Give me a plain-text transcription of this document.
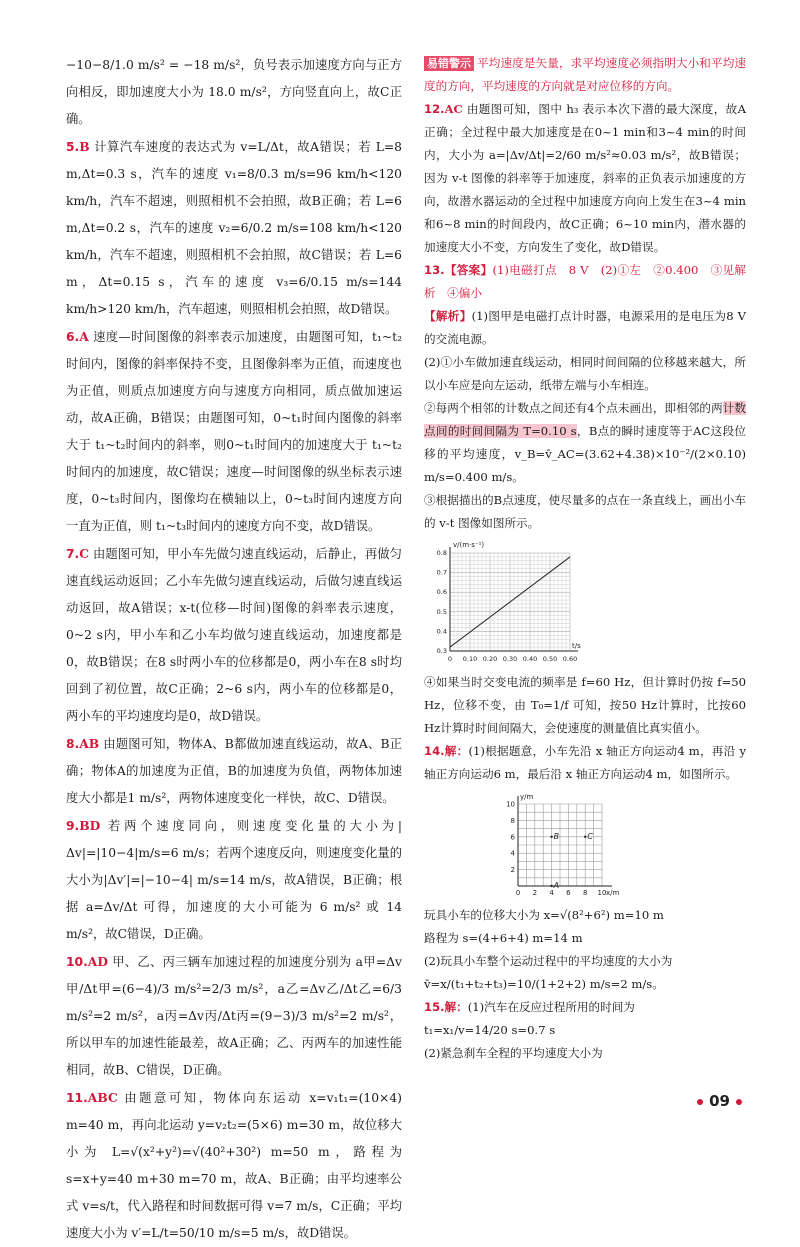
−10−8/1.0 m/s² = −18 m/s²，负号表示加速度方向与正方向相反，即加速度大小为 18.0 m/s²，方向竖直向上，故C正确。

5.B 计算汽车速度的表达式为 v=L/Δt，故A错误；若 L=8 m,Δt=0.3 s，汽车的速度 v₁=8/0.3 m/s=96 km/h<120 km/h，汽车不超速，则照相机不会拍照，故B正确；若 L=6 m,Δt=0.2 s，汽车的速度 v₂=6/0.2 m/s=108 km/h<120 km/h，汽车不超速，则照相机不会拍照，故C错误；若 L=6 m，Δt=0.15 s，汽车的速度 v₃=6/0.15 m/s=144 km/h>120 km/h，汽车超速，则照相机会拍照，故D错误。

6.A 速度—时间图像的斜率表示加速度，由题图可知，t₁~t₂时间内，图像的斜率保持不变，且图像斜率为正值，而速度也为正值，则质点加速度方向与速度方向相同，质点做加速运动，故A正确，B错误；由题图可知，0~t₁时间内图像的斜率大于 t₁~t₂时间内的斜率，则0~t₁时间内的加速度大于 t₁~t₂时间内的加速度，故C错误；速度—时间图像的纵坐标表示速度，0~t₃时间内，图像均在横轴以上，0~t₃时间内速度方向一直为正值，则 t₁~t₃时间内的速度方向不变，故D错误。

7.C 由题图可知，甲小车先做匀速直线运动，后静止，再做匀速直线运动返回；乙小车先做匀速直线运动，后做匀速直线运动返回，故A错误；x-t(位移—时间)图像的斜率表示速度，0~2 s内，甲小车和乙小车均做匀速直线运动，加速度都是0，故B错误；在8 s时两小车的位移都是0，两小车在8 s时均回到了初位置，故C正确；2~6 s内，两小车的位移都是0，两小车的平均速度均是0，故D错误。

8.AB 由题图可知，物体A、B都做加速直线运动，故A、B正确；物体A的加速度为正值，B的加速度为负值，两物体加速度大小都是1 m/s²，两物体速度变化一样快，故C、D错误。

9.BD 若两个速度同向，则速度变化量的大小为|Δv|=|10−4|m/s=6 m/s；若两个速度反向，则速度变化量的大小为|Δv′|=|−10−4| m/s=14 m/s，故A错误，B正确；根据 a=Δv/Δt 可得，加速度的大小可能为 6 m/s² 或 14 m/s²，故C错误，D正确。

10.AD 甲、乙、丙三辆车加速过程的加速度分别为 a甲=Δv甲/Δt甲=(6−4)/3 m/s²=2/3 m/s²，a乙=Δv乙/Δt乙=6/3 m/s²=2 m/s²，a丙=Δv丙/Δt丙=(9−3)/3 m/s²=2 m/s²，所以甲车的加速性能最差，故A正确；乙、丙两车的加速性能相同，故B、C错误，D正确。

11.ABC 由题意可知，物体向东运动 x=v₁t₁=(10×4) m=40 m，再向北运动 y=v₂t₂=(5×6) m=30 m，故位移大小为 L=√(x²+y²)=√(40²+30²) m=50 m，路程为 s=x+y=40 m+30 m=70 m，故A、B正确；由平均速率公式 v=s/t，代入路程和时间数据可得 v=7 m/s，C正确；平均速度大小为 v′=L/t=50/10 m/s=5 m/s，故D错误。

易错警示 平均速度是矢量，求平均速度必须指明大小和平均速度的方向，平均速度的方向就是对应位移的方向。

12.AC 由题图可知，图中 h₃ 表示本次下潜的最大深度，故A正确；全过程中最大加速度是在0~1 min和3~4 min的时间内，大小为 a=|Δv/Δt|=2/60 m/s²≈0.03 m/s²，故B错误；因为 v-t 图像的斜率等于加速度，斜率的正负表示加速度的方向，故潜水器运动的全过程中加速度方向向上发生在3~4 min和6~8 min的时间段内，故C正确；6~10 min内，潜水器的加速度大小不变，方向发生了变化，故D错误。

13.【答案】(1)电磁打点　8 V　(2)①左　②0.400　③见解析　④偏小

【解析】(1)图甲是电磁打点计时器，电源采用的是电压为8 V的交流电源。

(2)①小车做加速直线运动，相同时间间隔的位移越来越大，所以小车应是向左运动，纸带左端与小车相连。

②每两个相邻的计数点之间还有4个点未画出，即相邻的两计数点间的时间间隔为 T=0.10 s，B点的瞬时速度等于AC这段位移的平均速度，v_B=v̄_AC=(3.62+4.38)×10⁻²/(2×0.10) m/s=0.400 m/s。

③根据描出的B点速度，使尽量多的点在一条直线上，画出小车的 v-t 图像如图所示。

0 0.10 0.20 0.30 0.40 0.50 0.60
0.3
0.4
0.5
0.6
0.7
0.8
v/(m·s⁻¹)
t/s

④如果当时交变电流的频率是 f=60 Hz，但计算时仍按 f=50 Hz，位移不变，由 T₀=1/f 可知，按50 Hz计算时，比按60 Hz计算时时间间隔大，会使速度的测量值比真实值小。

14.解：(1)根据题意，小车先沿 x 轴正方向运动4 m，再沿 y 轴正方向运动6 m，最后沿 x 轴正方向运动4 m，如图所示。

0 2 4 6 8 10
2
4
6
8
10
y/m
x/m
A
B	C

玩具小车的位移大小为 x=√(8²+6²) m=10 m

路程为 s=(4+6+4) m=14 m

(2)玩具小车整个运动过程中的平均速度的大小为

v̄=x/(t₁+t₂+t₃)=10/(1+2+2) m/s=2 m/s。

15.解：(1)汽车在反应过程所用的时间为

t₁=x₁/v=14/20 s=0.7 s

(2)紧急刹车全程的平均速度大小为

09
